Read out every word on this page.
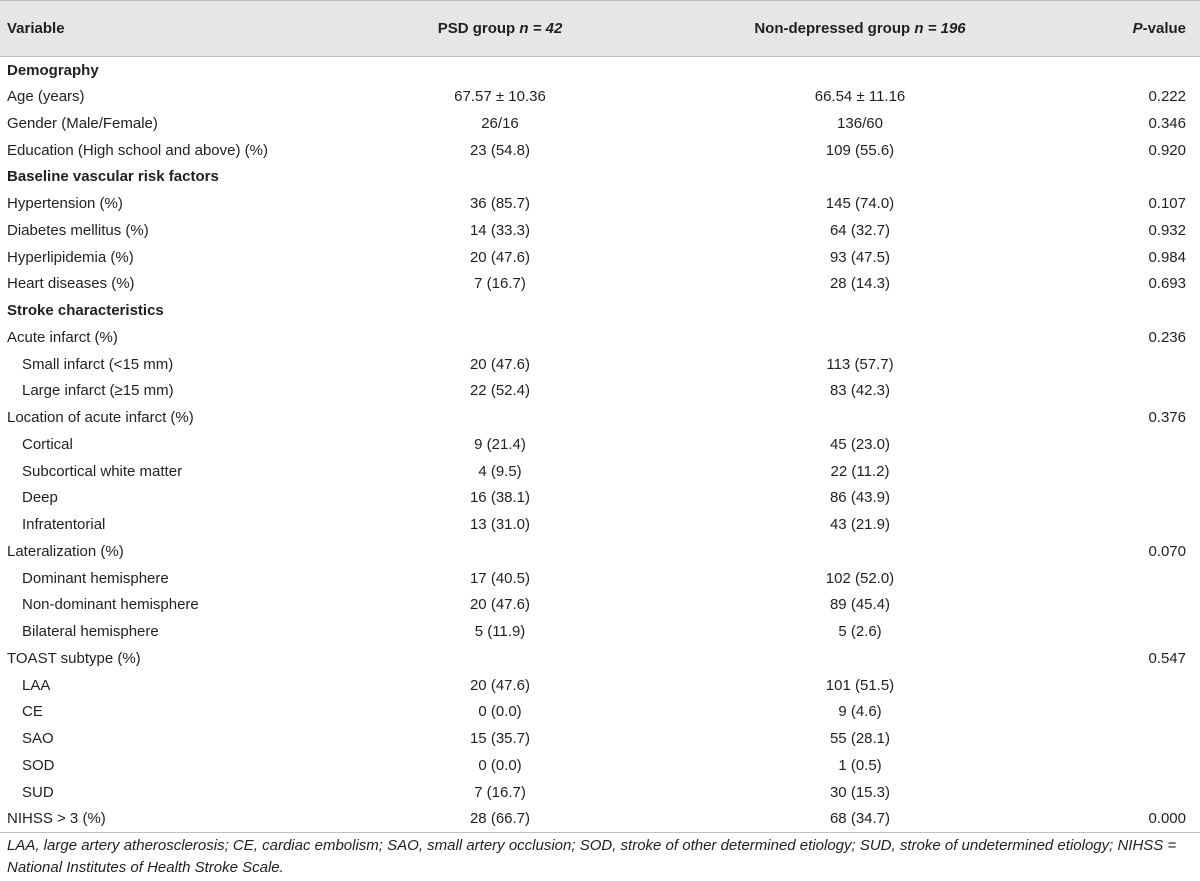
Variable	PSD group n = 42	Non-depressed group n = 196	P-value
Demography			
Age (years)	67.57 ± 10.36	66.54 ± 11.16	0.222
Gender (Male/Female)	26/16	136/60	0.346
Education (High school and above) (%)	23 (54.8)	109 (55.6)	0.920
Baseline vascular risk factors			
Hypertension (%)	36 (85.7)	145 (74.0)	0.107
Diabetes mellitus (%)	14 (33.3)	64 (32.7)	0.932
Hyperlipidemia (%)	20 (47.6)	93 (47.5)	0.984
Heart diseases (%)	7 (16.7)	28 (14.3)	0.693
Stroke characteristics			
Acute infarct (%)			0.236
Small infarct (<15 mm)	20 (47.6)	113 (57.7)	
Large infarct (≥15 mm)	22 (52.4)	83 (42.3)	
Location of acute infarct (%)			0.376
Cortical	9 (21.4)	45 (23.0)	
Subcortical white matter	4 (9.5)	22 (11.2)	
Deep	16 (38.1)	86 (43.9)	
Infratentorial	13 (31.0)	43 (21.9)	
Lateralization (%)			0.070
Dominant hemisphere	17 (40.5)	102 (52.0)	
Non-dominant hemisphere	20 (47.6)	89 (45.4)	
Bilateral hemisphere	5 (11.9)	5 (2.6)	
TOAST subtype (%)			0.547
LAA	20 (47.6)	101 (51.5)	
CE	0 (0.0)	9 (4.6)	
SAO	15 (35.7)	55 (28.1)	
SOD	0 (0.0)	1 (0.5)	
SUD	7 (16.7)	30 (15.3)	
NIHSS > 3 (%)	28 (66.7)	68 (34.7)	0.000
LAA, large artery atherosclerosis; CE, cardiac embolism; SAO, small artery occlusion; SOD, stroke of other determined etiology; SUD, stroke of undetermined etiology; NIHSS = National Institutes of Health Stroke Scale.
